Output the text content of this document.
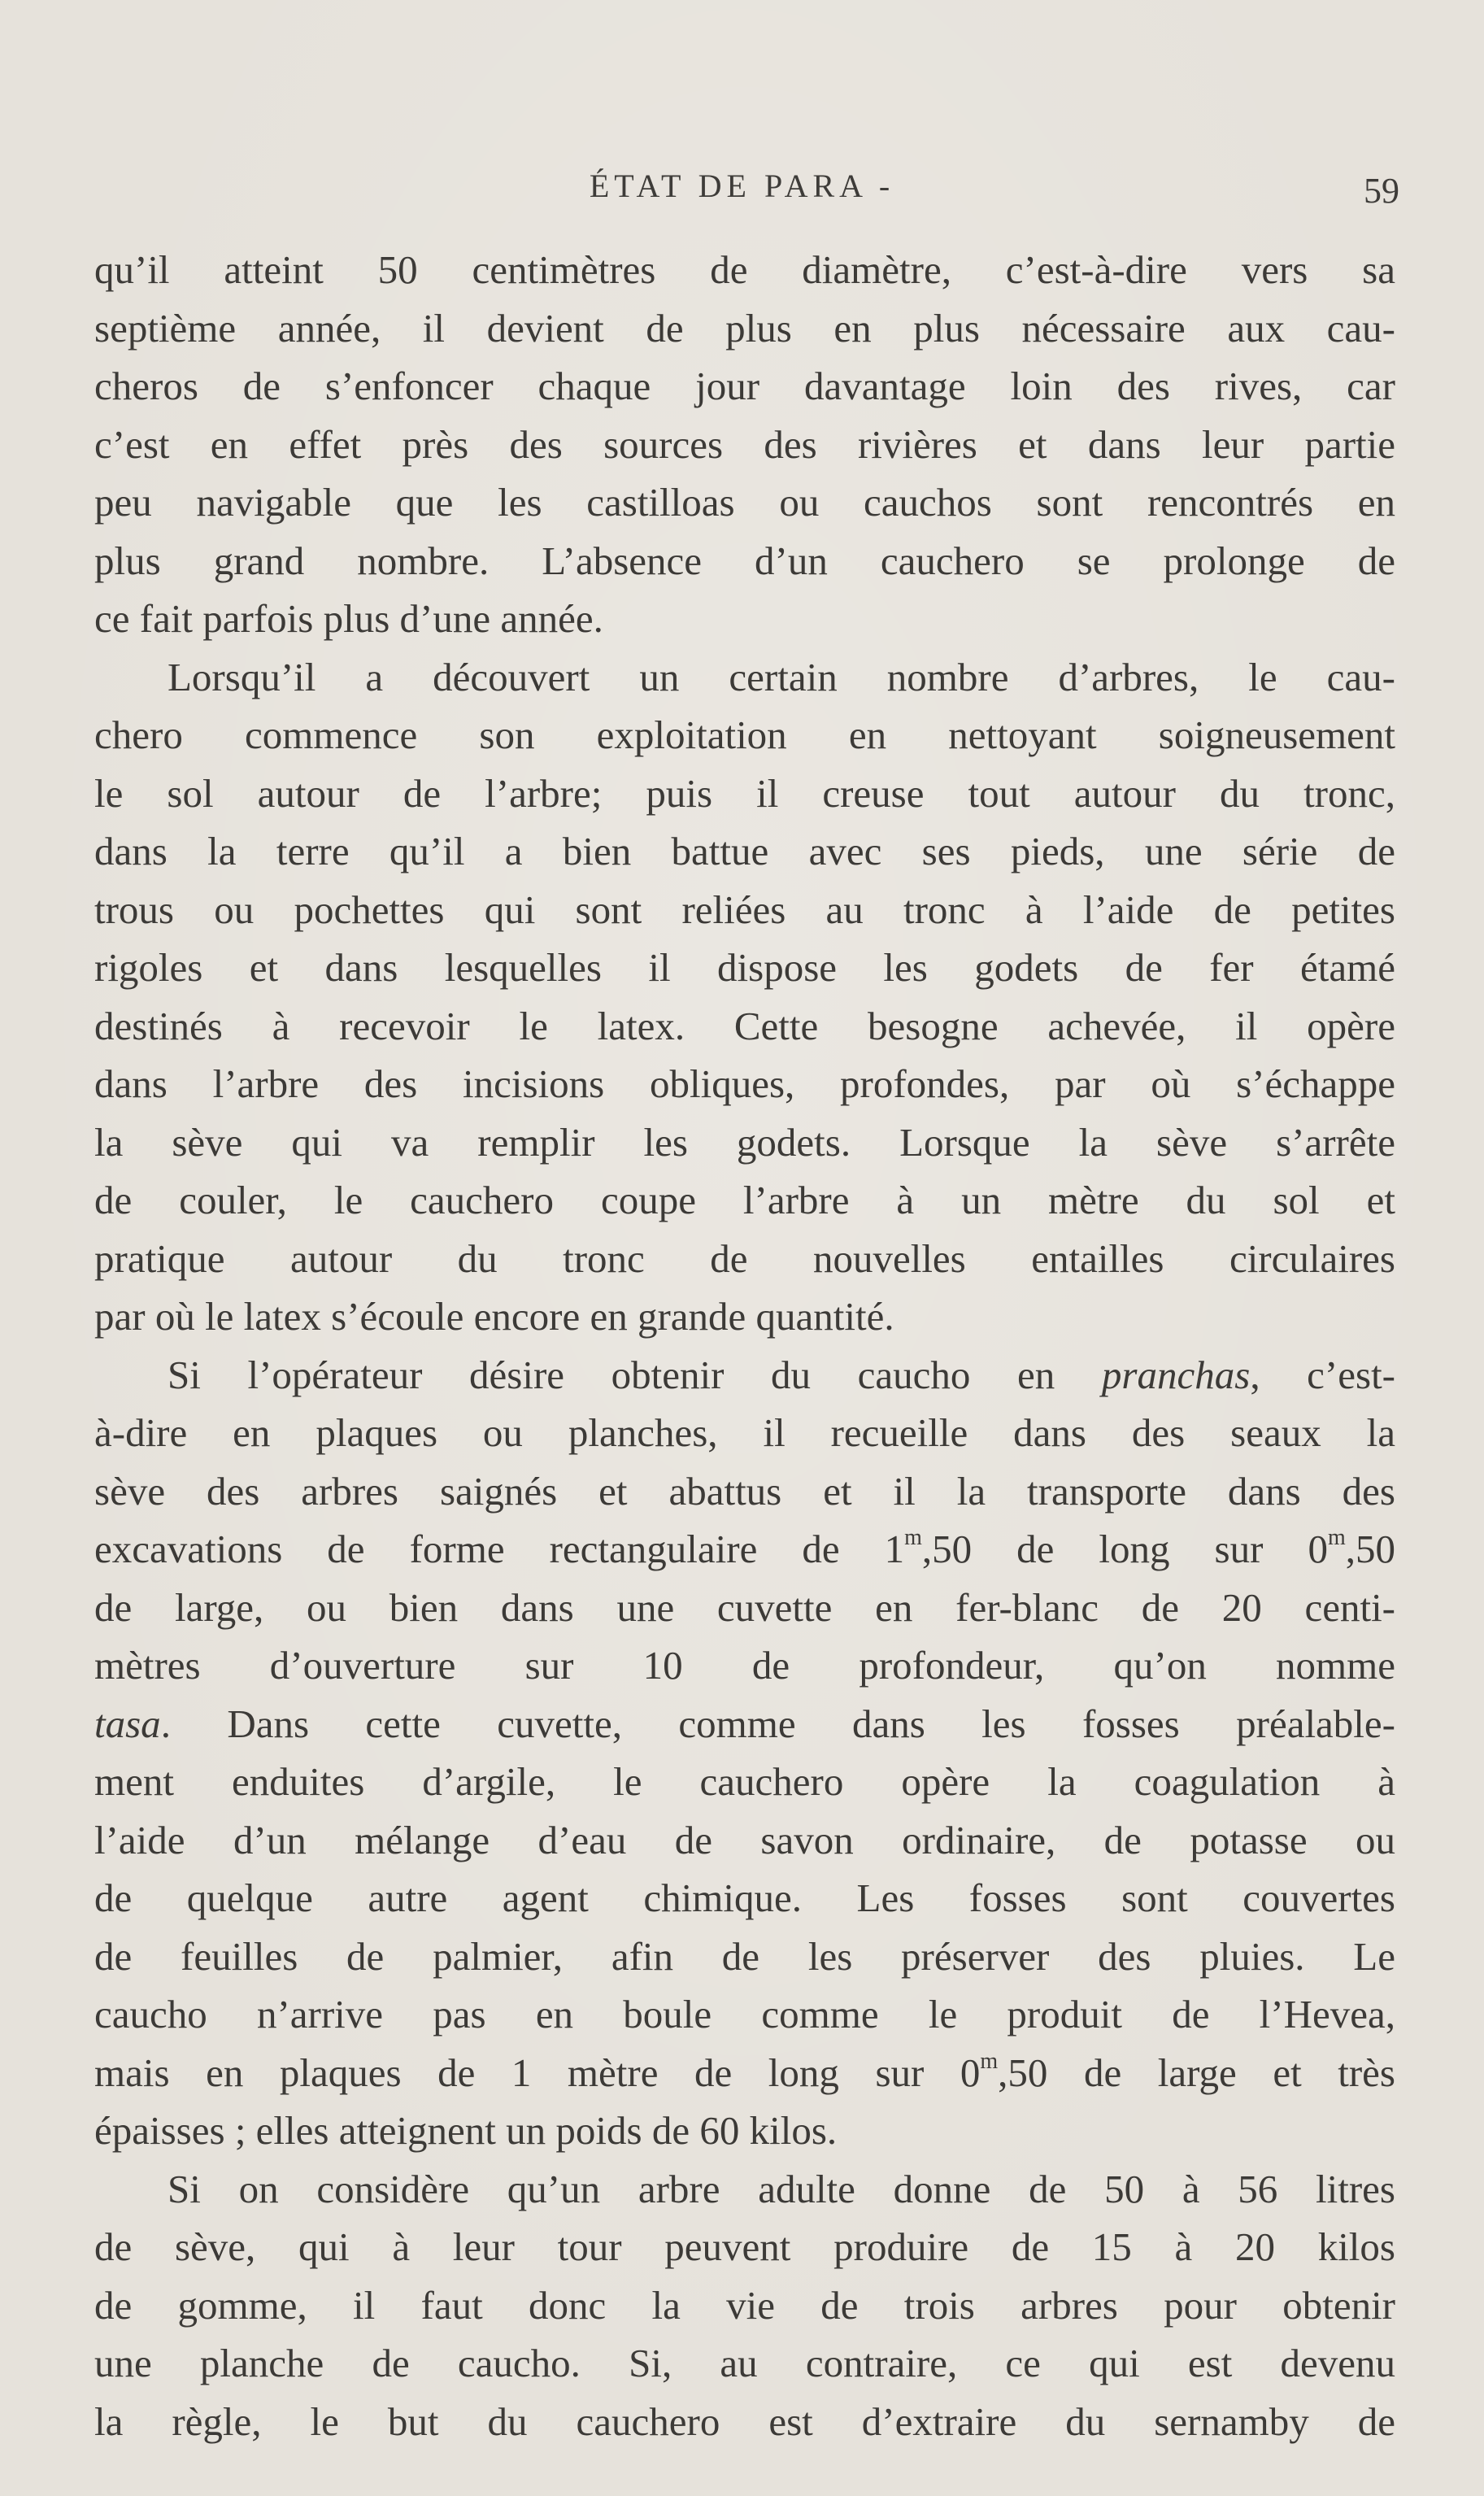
ÉTAT DE PARA -	59
qu’il atteint 50 centimètres de diamètre, c’est-à-dire vers sa
septième année, il devient de plus en plus nécessaire aux cau-
cheros de s’enfoncer chaque jour davantage loin des rives, car
c’est en effet près des sources des rivières et dans leur partie
peu navigable que les castilloas ou cauchos sont rencontrés en
plus grand nombre. L’absence d’un cauchero se prolonge de
ce fait parfois plus d’une année.
Lorsqu’il a découvert un certain nombre d’arbres, le cau-
chero commence son exploitation en nettoyant soigneusement
le sol autour de l’arbre; puis il creuse tout autour du tronc,
dans la terre qu’il a bien battue avec ses pieds, une série de
trous ou pochettes qui sont reliées au tronc à l’aide de petites
rigoles et dans lesquelles il dispose les godets de fer étamé
destinés à recevoir le latex. Cette besogne achevée, il opère
dans l’arbre des incisions obliques, profondes, par où s’échappe
la sève qui va remplir les godets. Lorsque la sève s’arrête
de couler, le cauchero coupe l’arbre à un mètre du sol et
pratique autour du tronc de nouvelles entailles circulaires
par où le latex s’écoule encore en grande quantité.
Si l’opérateur désire obtenir du caucho en pranchas, c’est-
à-dire en plaques ou planches, il recueille dans des seaux la
sève des arbres saignés et abattus et il la transporte dans des
excavations de forme rectangulaire de 1$^m$,50 de long sur 0$^m$,50
de large, ou bien dans une cuvette en fer-blanc de 20 centi-
mètres d’ouverture sur 10 de profondeur, qu’on nomme
tasa. Dans cette cuvette, comme dans les fosses préalable-
ment enduites d’argile, le cauchero opère la coagulation à
l’aide d’un mélange d’eau de savon ordinaire, de potasse ou
de quelque autre agent chimique. Les fosses sont couvertes
de feuilles de palmier, afin de les préserver des pluies. Le
caucho n’arrive pas en boule comme le produit de l’Hevea,
mais en plaques de 1 mètre de long sur 0$^m$,50 de large et très
épaisses ; elles atteignent un poids de 60 kilos.
Si on considère qu’un arbre adulte donne de 50 à 56 litres
de sève, qui à leur tour peuvent produire de 15 à 20 kilos
de gomme, il faut donc la vie de trois arbres pour obtenir
une planche de caucho. Si, au contraire, ce qui est devenu
la règle, le but du cauchero est d’extraire du sernamby de
